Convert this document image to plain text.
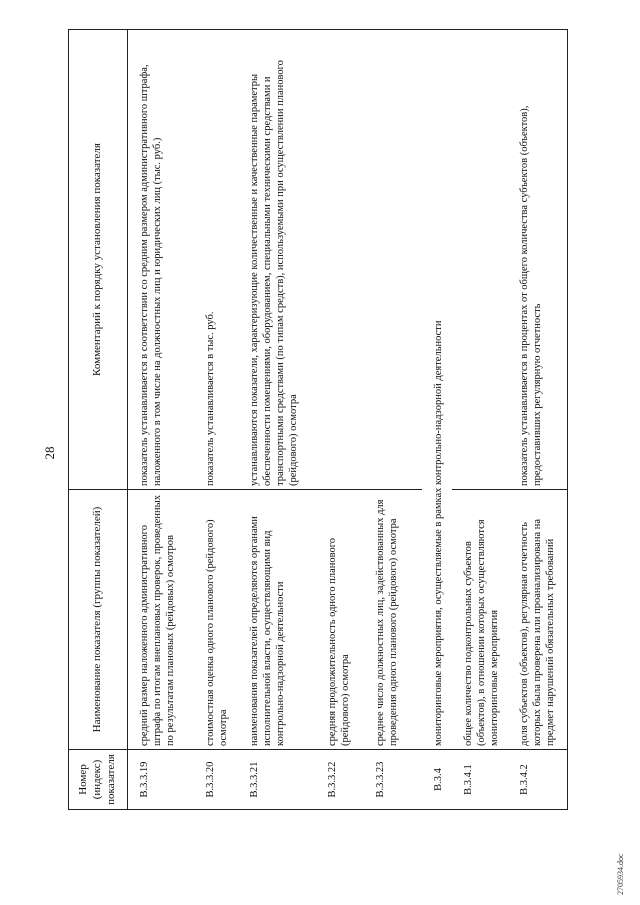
28
Номер (индекс) показателя	Наименование показателя (группы показателей)	Комментарий к порядку установления показателя
В.3.3.19	средний размер наложенного административного штрафа по итогам внеплановых проверок, проведенных по результатам плановых (рейдовых) осмотров	показатель устанавливается в соответствии со средним размером административного штрафа, наложенного в том числе на должностных лиц и юридических лиц (тыс. руб.)
В.3.3.20	стоимостная оценка одного планового (рейдового) осмотра	показатель устанавливается в тыс. руб.
В.3.3.21	наименования показателей определяются органами исполнительной власти, осуществляющими вид контрольно-надзорной деятельности	устанавливаются показатели, характеризующие количественные и качественные параметры обеспеченности помещениями, оборудованием, специальными техническими средствами и транспортными средствами (по типам средств), используемыми при осуществлении планового (рейдового) осмотра
В.3.3.22	средняя продолжительность одного планового (рейдового) осмотра	
В.3.3.23	среднее число должностных лиц, задействованных для проведения одного планового (рейдового) осмотра	
В.3.4	мониторинговые мероприятия, осуществляемые в рамках контрольно-надзорной деятельности	
В.3.4.1	общее количество подконтрольных субъектов (объектов), в отношении которых осуществляются мониторинговые мероприятия	
В.3.4.2	доля субъектов (объектов), регулярная отчетность которых была проверена или проанализирована на предмет нарушений обязательных требований	показатель устанавливается в процентах от общего количества субъектов (объектов), предоставивших регулярную отчетность
2705934.doc
